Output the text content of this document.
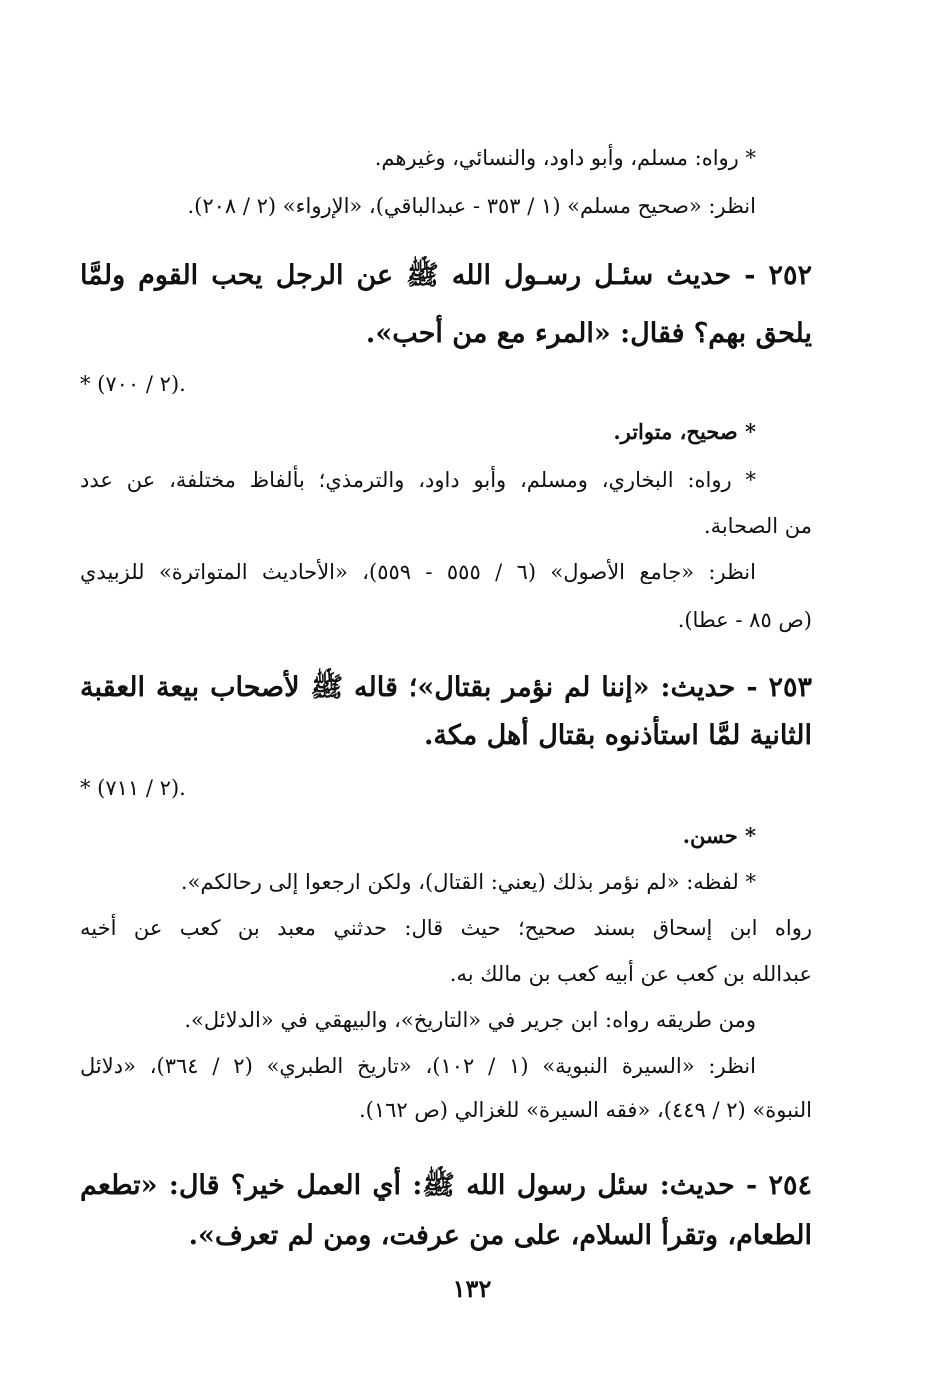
* رواه: مسلم، وأبو داود، والنسائي، وغيرهم.
انظر: «صحيح مسلم» (١ / ٣٥٣ - عبدالباقي)، «الإرواء» (٢ / ٢٠٨).
٢٥٢ - حديث سئـل رسـول الله ﷺ عن الرجل يحب القوم ولمَّا
يلحق بهم؟ فقال: «المرء مع من أحب».
* (٢ / ٧٠٠).
* صحيح، متواتر.
* رواه: البخاري، ومسلم، وأبو داود، والترمذي؛ بألفاظ مختلفة، عن عدد
من الصحابة.
انظر: «جامع الأصول» (٦ / ٥٥٥ - ٥٥٩)، «الأحاديث المتواترة» للزبيدي
(ص ٨٥ - عطا).
٢٥٣ - حديث: «إننا لم نؤمر بقتال»؛ قاله ﷺ لأصحاب بيعة العقبة
الثانية لمَّا استأذنوه بقتال أهل مكة.
* (٢ / ٧١١).
* حسن.
* لفظه: «لم نؤمر بذلك (يعني: القتال)، ولكن ارجعوا إلى رحالكم».
رواه ابن إسحاق بسند صحيح؛ حيث قال: حدثني معبد بن كعب عن أخيه
عبدالله بن كعب عن أبيه كعب بن مالك به.
ومن طريقه رواه: ابن جرير في «التاريخ»، والبيهقي في «الدلائل».
انظر: «السيرة النبوية» (١ / ١٠٢)، «تاريخ الطبري» (٢ / ٣٦٤)، «دلائل
النبوة» (٢ / ٤٤٩)، «فقه السيرة» للغزالي (ص ١٦٢).
٢٥٤ - حديث: سئل رسول الله ﷺ: أي العمل خير؟ قال: «تطعم
الطعام، وتقرأ السلام، على من عرفت، ومن لم تعرف».
١٣٢
